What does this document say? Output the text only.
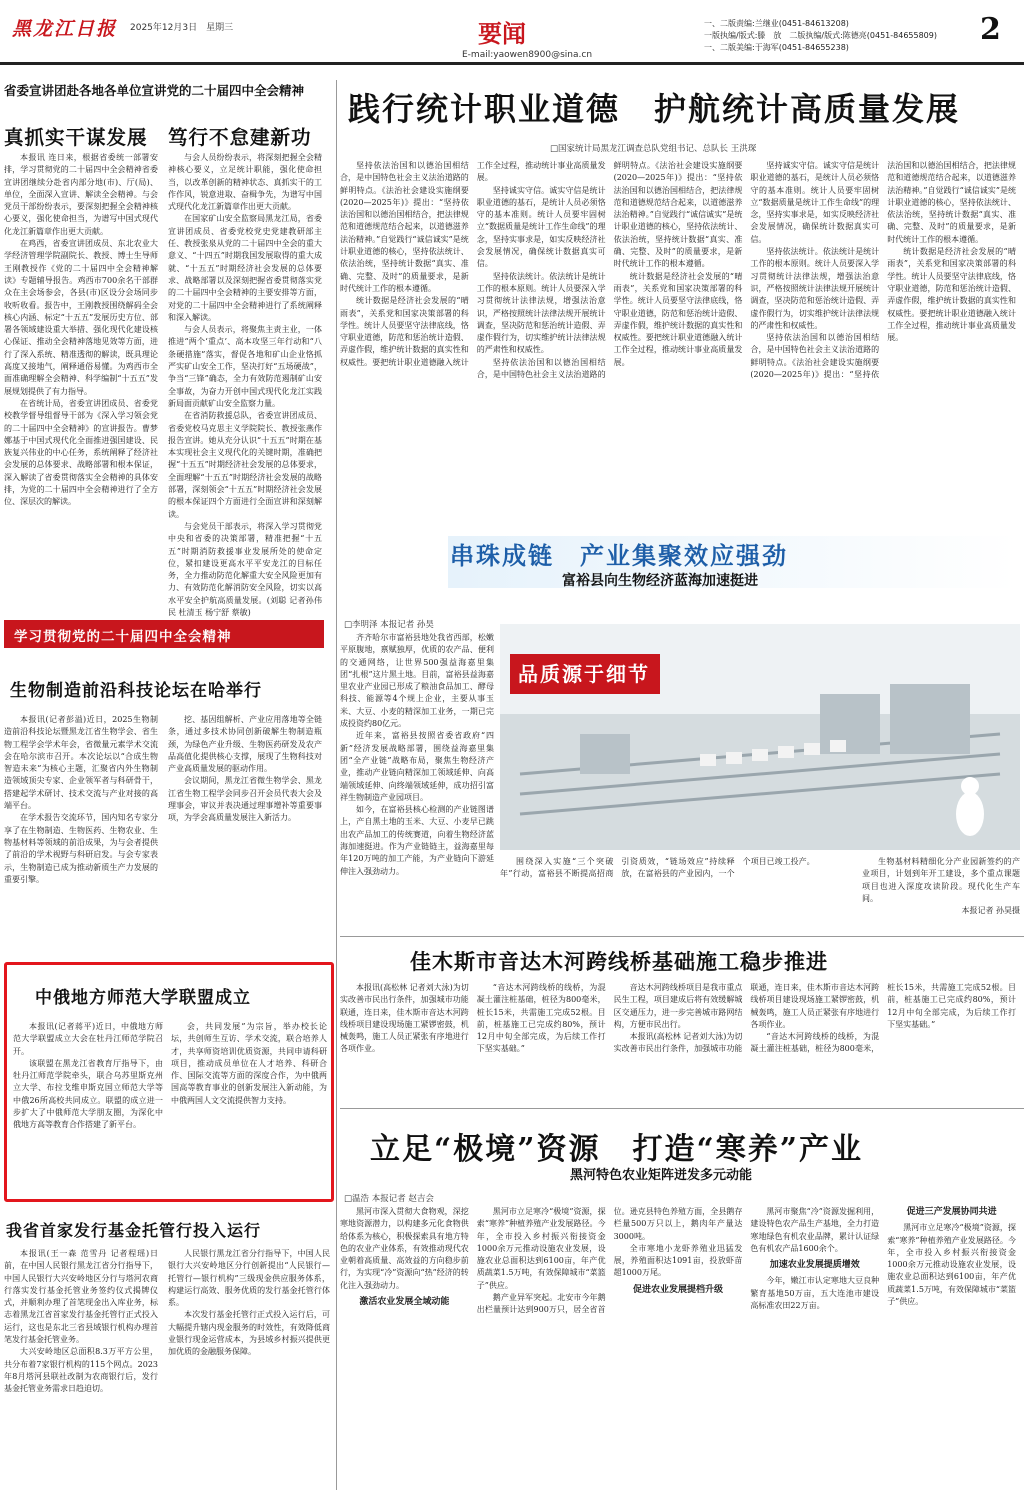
黑龙江日报 2025年12月3日　星期三	要闻
E-mail:yaowen8900@sina.cn
一、二版责编:兰继业(0451-84613208)
一版执编/版式:滕　放　二版执编/版式:陈德亮(0451-84655809)
一、二版美编:于海军(0451-84655238)
2
省委宣讲团赴各地各单位宣讲党的二十届四中全会精神
真抓实干谋发展　笃行不怠建新功

本报讯 连日来，根据省委统一部署安排，学习贯彻党的二十届四中全会精神省委宣讲团继续分赴省内部分地(市)、厅(局)、单位，全面深入宣讲、解读全会精神。与会党员干部纷纷表示，要深刻把握全会精神核心要义，强化使命担当，为谱写中国式现代化龙江新篇章作出更大贡献。

在鸡西，省委宣讲团成员、东北农业大学经济管理学院副院长、教授、博士生导师王刚教授作《党的二十届四中全会精神解读》专题辅导报告。鸡西市700余名干部群众在主会场参会，各县(市)区设分会场同步收听收看。报告中，王刚教授围绕解码全会核心内涵、标定“十五五”发展历史方位、部署各领域建设重大举措、强化现代化建设核心保证、推动全会精神落地见效等方面，进行了深入系统、精准透彻的解读，既具理论高度又接地气，阐释通俗易懂。为鸡西市全面准确理解全会精神、科学编制“十五五”发展规划提供了有力指导。

在省统计局，省委宣讲团成员、省委党校教学督导组督导干部为《深入学习领会党的二十届四中全会精神》的宣讲报告。曹梦娜基于中国式现代化全面推进强国建设、民族复兴伟业的中心任务，系统阐释了经济社会发展的总体要求、战略部署和根本保证，深入解读了省委贯彻落实全会精神的具体安排，为党的二十届四中全会精神进行了全方位、深层次的解读。

与会人员纷纷表示，将深刻把握全会精神核心要义，立足统计职能，强化使命担当，以改革创新的精神状态、真抓实干的工作作风，锐意进取、奋楫争先，为谱写中国式现代化龙江新篇章作出更大贡献。

在国家矿山安全监察局黑龙江局，省委宣讲团成员、省委党校党史党建教研部主任、教授张泉从党的二十届四中全会的重大意义、“十四五”时期我国发展取得的重大成就、“十五五”时期经济社会发展的总体要求、战略部署以及深刻把握省委贯彻落实党的二十届四中全会精神的主要安排等方面，对党的二十届四中全会精神进行了系统阐释和深入解读。

与会人员表示，将聚焦主责主业，一体推进“两个‘重点’、高本攻坚三年行动和“八条硬措施”落实，督促各地和矿山企业恪抓严实矿山安全工作，坚决打好“五场硬战”，争当“三锋”确态，全力有效防范遏制矿山安全事故，为奋力开创中国式现代化龙江实践新局面贡献矿山安全监察力量。

在省消防救援总队，省委宣讲团成员、省委党校马克思主义学院院长、教授张燕作报告宣讲。她从充分认识“十五五”时期在基本实现社会主义现代化的关键时期，准确把握“十五五”时期经济社会发展的总体要求，全面理解“十五五”时期经济社会发展的战略部署，深刻领会“十五五”时期经济社会发展的根本保证四个方面进行全面宣讲和深刻解读。

与会党员干部表示，将深入学习贯彻党中央和省委的决策部署，精准把握“十五五”时期消防救援事业发展所处的使命定位，紧扣建设更高水平平安龙江的目标任务，全力推动防范化解重大安全风险更加有力、有效防范化解消防安全风险，切实以高水平安全护航高质量发展。(刘聪 记者孙伟民 杜清玉 杨宁舒 蔡敏)

学习贯彻党的二十届四中全会精神
生物制造前沿科技论坛在哈举行

本报讯(记者彭溢)近日，2025生物制造前沿科技论坛暨黑龙江省生物学会、省生物工程学会学术年会，省微量元素学术交流会在哈尔滨市召开。本次论坛以“合成生物 智造未来”为核心主题，汇聚省内外生物制造领域顶尖专家、企业领军者与科研骨干，搭建起学术研讨、技术交流与产业对接的高端平台。

在学术报告交流环节，国内知名专家分享了在生物制造、生物医药、生物农业、生物基材料等领域的前沿成果，为与会者提供了前沿的学术视野与科研启发。与会专家表示，生物制造已成为推动新质生产力发展的重要引擎。

挖、基因组解析、产业应用落地等全链条，通过多技术协同创新破解生物制造瓶颈，为绿色产业升级、生物医药研发及农产品高值化提供核心支撑，展现了生物科技对产业高质量发展的驱动作用。

会议期间，黑龙江省微生物学会、黑龙江省生物工程学会同步召开会员代表大会及理事会，审议并表决通过理事增补等重要事项，为学会高质量发展注入新活力。

中俄地方师范大学联盟成立

本报讯(记者蒋平)近日，中俄地方师范大学联盟成立大会在牡丹江师范学院召开。

该联盟在黑龙江省教育厅指导下，由牡丹江师范学院牵头，联合乌苏里斯克州立大学、布拉戈维申斯克国立师范大学等中俄26所高校共同成立。联盟的成立进一步扩大了中俄师范大学朋友圈，为深化中俄地方高等教育合作搭建了新平台。

会，共同发展”为宗旨，举办校长论坛，共创师生互访、学术交流，联合培养人才，共享师资培训优质资源，共同申请科研项目，推动成员单位在人才培养、科研合作、国际交流等方面的深度合作，为中俄两国高等教育事业的创新发展注入新动能，为中俄两国人文交流提供智力支持。

我省首家发行基金托管行投入运行

本报讯(王一森 范雪丹 记者程瑶)日前，在中国人民银行黑龙江省分行指导下，中国人民银行大兴安岭地区分行与塔河农商行落实发行基金托管业务签约仪式揭牌仪式，并顺利办理了首笔现金出入库业务，标志着黑龙江省首家发行基金托管行正式投入运行，这也是东北三省县域银行机构办理首笔发行基金托管业务。

大兴安岭地区总面积8.3万平方公里，共分布着7家银行机构的115个网点。2023年8月塔河县联社改制为农商银行后，发行基金托管业务需求日趋迫切。

人民银行黑龙江省分行指导下，中国人民银行大兴安岭地区分行创新提出“人民银行—托管行—银行机构”三级现金供应服务体系，构建运行高效、服务优质的发行基金托管行体系。

本次发行基金托管行正式投入运行后，可大幅提升辖内现金服务的时效性，有效降低商业银行现金运营成本，为县域乡村振兴提供更加优质的金融服务保障。

践行统计职业道德　护航统计高质量发展
□国家统计局黑龙江调查总队党组书记、总队长 王洪琛

坚持依法治国和以德治国相结合，是中国特色社会主义法治道路的鲜明特点。《法治社会建设实施纲要(2020—2025年)》提出：“坚持依法治国和以德治国相结合，把法律规范和道德规范结合起来，以道德滋养法治精神。”自觉践行“诚信诚实”是统计职业道德的核心，坚持依法统计、依法治统，坚持统计数据“真实、准确、完整、及时”的质量要求，是新时代统计工作的根本遵循。

统计数据是经济社会发展的“晴雨表”，关系党和国家决策部署的科学性。统计人员要坚守法律底线，恪守职业道德，防范和惩治统计造假、弄虚作假，维护统计数据的真实性和权威性。要把统计职业道德融入统计工作全过程，推动统计事业高质量发展。

坚持诚实守信。诚实守信是统计职业道德的基石，是统计人员必须恪守的基本准则。统计人员要牢固树立“数据质量是统计工作生命线”的理念，坚持实事求是，如实反映经济社会发展情况，确保统计数据真实可信。

坚持依法统计。依法统计是统计工作的根本原则。统计人员要深入学习贯彻统计法律法规，增强法治意识，严格按照统计法律法规开展统计调查，坚决防范和惩治统计造假、弄虚作假行为，切实维护统计法律法规的严肃性和权威性。

坚持依法治国和以德治国相结合，是中国特色社会主义法治道路的鲜明特点。《法治社会建设实施纲要(2020—2025年)》提出：“坚持依法治国和以德治国相结合，把法律规范和道德规范结合起来，以道德滋养法治精神。”自觉践行“诚信诚实”是统计职业道德的核心，坚持依法统计、依法治统，坚持统计数据“真实、准确、完整、及时”的质量要求，是新时代统计工作的根本遵循。

统计数据是经济社会发展的“晴雨表”，关系党和国家决策部署的科学性。统计人员要坚守法律底线，恪守职业道德，防范和惩治统计造假、弄虚作假，维护统计数据的真实性和权威性。要把统计职业道德融入统计工作全过程，推动统计事业高质量发展。

坚持诚实守信。诚实守信是统计职业道德的基石，是统计人员必须恪守的基本准则。统计人员要牢固树立“数据质量是统计工作生命线”的理念，坚持实事求是，如实反映经济社会发展情况，确保统计数据真实可信。

坚持依法统计。依法统计是统计工作的根本原则。统计人员要深入学习贯彻统计法律法规，增强法治意识，严格按照统计法律法规开展统计调查，坚决防范和惩治统计造假、弄虚作假行为，切实维护统计法律法规的严肃性和权威性。

坚持依法治国和以德治国相结合，是中国特色社会主义法治道路的鲜明特点。《法治社会建设实施纲要(2020—2025年)》提出：“坚持依法治国和以德治国相结合，把法律规范和道德规范结合起来，以道德滋养法治精神。”自觉践行“诚信诚实”是统计职业道德的核心，坚持依法统计、依法治统，坚持统计数据“真实、准确、完整、及时”的质量要求，是新时代统计工作的根本遵循。

统计数据是经济社会发展的“晴雨表”，关系党和国家决策部署的科学性。统计人员要坚守法律底线，恪守职业道德，防范和惩治统计造假、弄虚作假，维护统计数据的真实性和权威性。要把统计职业道德融入统计工作全过程，推动统计事业高质量发展。

串珠成链　产业集聚效应强劲
富裕县向生物经济蓝海加速挺进
□李明泽 本报记者 孙昊

齐齐哈尔市富裕县地处我省西部，松嫩平原腹地，禀赋独厚，优质的农产品、便利的交通网络，让世界500强益海嘉里集团“扎根”这片黑土地。目前，富裕县益海嘉里农业产业园已形成了粮油食品加工、酵母科技、能源等4个规上企业，主要从事玉米、大豆、小麦的精深加工业务，一期已完成投资约80亿元。

近年来，富裕县按照省委省政府“四新”经济发展战略部署，围绕益海嘉里集团“全产业链”战略布局，聚焦生物经济产业，推动产业链向精深加工领域延伸、向高端领域延伸、向终端领域延伸，成功招引富祥生物制造产业园项目。

如今，在富裕县核心检测的产业链图谱上，产自黑土地的玉米、大豆、小麦早已跳出农产品加工的传统赛道，向着生物经济蓝海加速挺进。作为产业链链主，益海嘉里每年120万吨的加工产能，为产业链向下游延伸注入强劲动力。

品质源于细节

围绕深入实施“三个突破年”行动，富裕县不断提高招商引资质效，“链场效应”持续释放，在富裕县的产业园内，一个个项目已竣工投产。	生物基材料精细化分产业园新签约的产业项目，计划到年开工建设，多个重点课题项目也进入深度攻读阶段。现代化生产车间。

本报记者 孙昊摄
佳木斯市音达木河跨线桥基础施工稳步推进

本报讯(高松林 记者刘大泳)为切实改善市民出行条件，加强城市功能联通，连日来，佳木斯市音达木河跨线桥项目建设现场施工紧锣密鼓，机械轰鸣，施工人员正紧张有序地进行各项作业。

“音达木河跨线桥的线桥，为混凝土灌注桩基础，桩径为800毫米，桩长15米，共需施工完成52根。目前，桩基施工已完成约80%，预计12月中旬全部完成，为后续工作打下坚实基础。”

音达木河跨线桥项目是我市重点民生工程，项目建成后将有效缓解城区交通压力，进一步完善城市路网结构，方便市民出行。

本报讯(高松林 记者刘大泳)为切实改善市民出行条件，加强城市功能联通，连日来，佳木斯市音达木河跨线桥项目建设现场施工紧锣密鼓，机械轰鸣，施工人员正紧张有序地进行各项作业。

“音达木河跨线桥的线桥，为混凝土灌注桩基础，桩径为800毫米，桩长15米，共需施工完成52根。目前，桩基施工已完成约80%，预计12月中旬全部完成，为后续工作打下坚实基础。”

立足“极境”资源　打造“寒养”产业
黑河特色农业矩阵迸发多元动能
□温浩 本报记者 赵吉会

黑河市深入贯彻大食物观，深挖寒地资源潜力，以构建多元化食物供给体系为核心，积极探索具有地方特色的农业产业体系，有效推动现代农业朝着高质量、高效益的方向稳步前行，为实现“冷”资源向“热”经济的转化注入强劲动力。

激活农业发展全域动能

黑河市立足寒冷“极境”资源，探索“寒养”种植养殖产业发展路径。今年，全市投入乡村振兴衔接资金1000余万元推动设施农业发展，设施农业总面积达到6100亩，年产优质蔬菜1.5万吨，有效保障城市“菜篮子”供应。

鹅产业异军突起。北安市今年鹅出栏量预计达到900万只，居全省首位。逊克县特色养殖方面，全县鹅存栏量500万只以上，鹅肉年产量达3000吨。

全市寒地小龙虾养殖业迅猛发展，养殖面积达1091亩，投放虾苗超1000万尾。

促进农业发展提档升级

黑河市聚焦“冷”资源发掘利用，建设特色农产品生产基地，全力打造寒地绿色有机农业品牌，累计认证绿色有机农产品1600余个。

加速农业发展提质增效

今年，嫩江市认定寒地大豆良种繁育基地50万亩，五大连池市建设高标准农田22万亩。

促进三产发展协同共进

黑河市立足寒冷“极境”资源，探索“寒养”种植养殖产业发展路径。今年，全市投入乡村振兴衔接资金1000余万元推动设施农业发展，设施农业总面积达到6100亩，年产优质蔬菜1.5万吨，有效保障城市“菜篮子”供应。
